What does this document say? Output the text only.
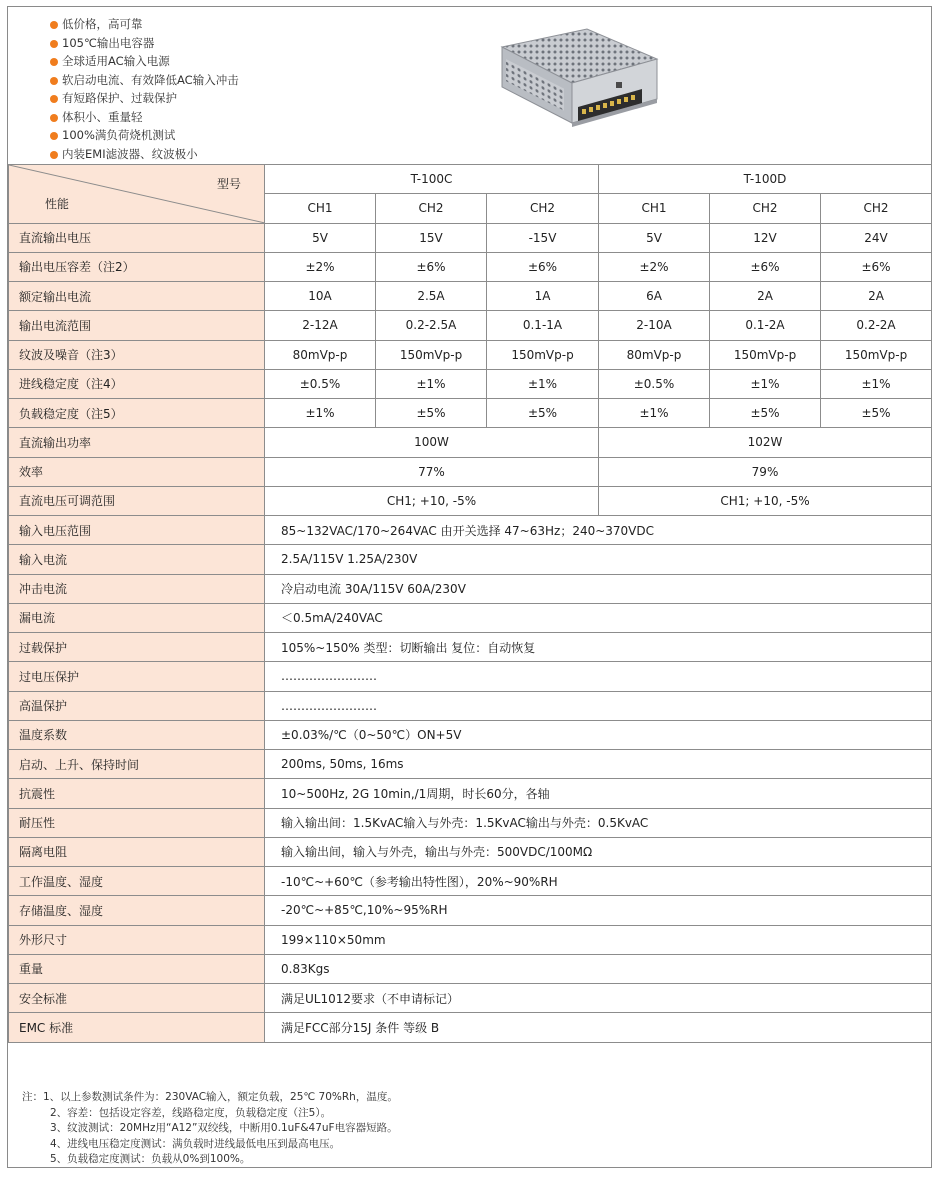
低价格，高可靠
105℃输出电容器
全球适用AC输入电源
软启动电流、有效降低AC输入冲击
有短路保护、过载保护
体积小、重量轻
100%满负荷烧机测试
内装EMI滤波器、纹波极小
型号
性能	T-100C			T-100D		
	CH1	CH2	CH2	CH1	CH2	CH2
直流输出电压	5V	15V	-15V	5V	12V	24V
输出电压容差（注2）	±2%	±6%	±6%	±2%	±6%	±6%
额定输出电流	10A	2.5A	1A	6A	2A	2A
输出电流范围	2-12A	0.2-2.5A	0.1-1A	2-10A	0.1-2A	0.2-2A
纹波及噪音（注3）	80mVp-p	150mVp-p	150mVp-p	80mVp-p	150mVp-p	150mVp-p
进线稳定度（注4）	±0.5%	±1%	±1%	±0.5%	±1%	±1%
负载稳定度（注5）	±1%	±5%	±5%	±1%	±5%	±5%
直流输出功率	100W			102W		
效率	77%			79%		
直流电压可调范围	CH1; +10, -5%			CH1; +10, -5%		
输入电压范围	85~132VAC/170~264VAC 由开关选择 47~63Hz；240~370VDC					
输入电流	2.5A/115V 1.25A/230V					
冲击电流	冷启动电流 30A/115V 60A/230V					
漏电流	＜0.5mA/240VAC					
过载保护	105%~150% 类型：切断输出 复位：自动恢复					
过电压保护	……………………					
高温保护	……………………					
温度系数	±0.03%/℃（0~50℃）ON+5V					
启动、上升、保持时间	200ms, 50ms, 16ms					
抗震性	10~500Hz, 2G 10min,/1周期，时长60分，各轴					
耐压性	输入输出间：1.5KvAC输入与外壳：1.5KvAC输出与外壳：0.5KvAC					
隔离电阻	输入输出间，输入与外壳，输出与外壳：500VDC/100MΩ					
工作温度、湿度	-10℃~+60℃（参考输出特性图），20%~90%RH					
存储温度、湿度	-20℃~+85℃,10%~95%RH					
外形尺寸	199×110×50mm					
重量	0.83Kgs					
安全标准	满足UL1012要求（不申请标记）					
EMC 标准	满足FCC部分15J 条件 等级 B					
注：1、以上参数测试条件为：230VAC输入，额定负载，25℃ 70%Rh，温度。
2、容差：包括设定容差，线路稳定度，负载稳定度（注5）。
3、纹波测试：20MHz用“A12”双绞线，中断用0.1uF&47uF电容器短路。
4、进线电压稳定度测试：满负载时进线最低电压到最高电压。
5、负载稳定度测试：负载从0%到100%。
